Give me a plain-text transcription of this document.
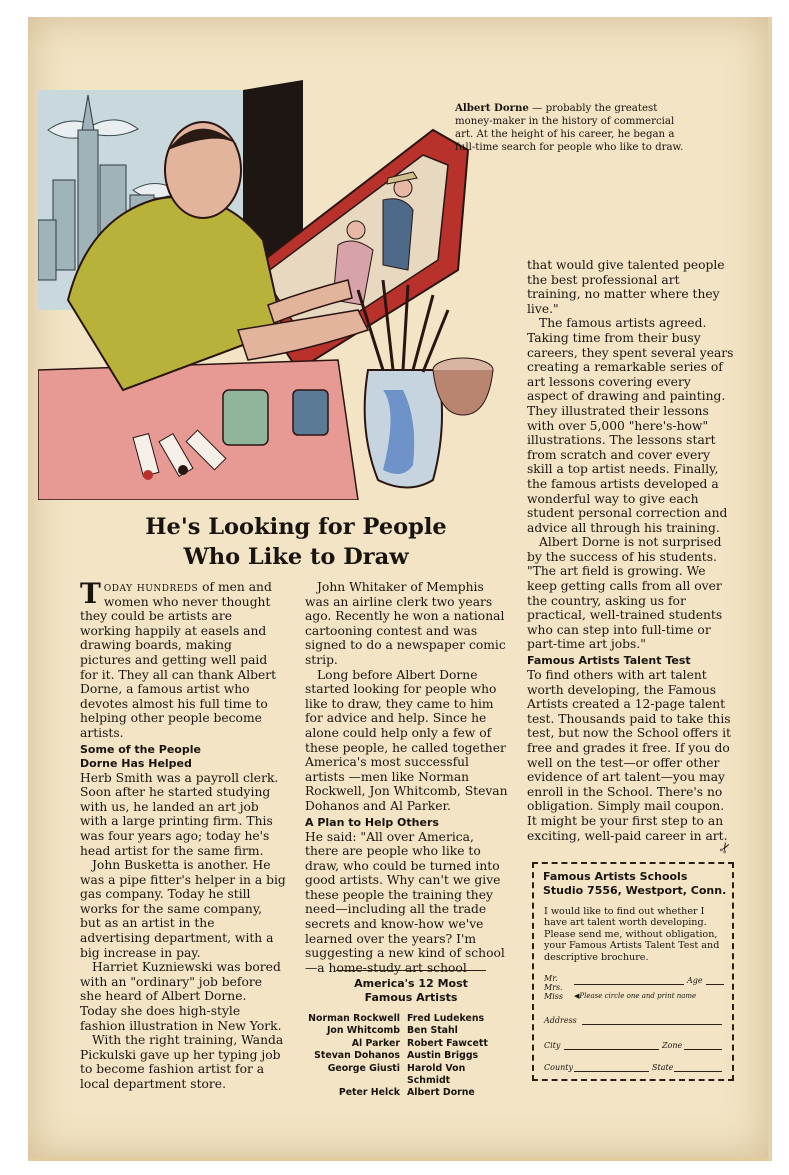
Albert Dorne — probably the greatest money-maker in the history of commercial art. At the height of his career, he began a full-time search for people who like to draw.
He's Looking for People
Who Like to Draw

Today hundreds of men and women who never thought they could be artists are working happily at easels and drawing boards, making pictures and getting well paid for it. They all can thank Albert Dorne, a famous artist who devotes almost his full time to helping other people become artists.

Some of the People
Dorne Has Helped

Herb Smith was a payroll clerk. Soon after he started studying with us, he landed an art job with a large printing firm. This was four years ago; today he's head artist for the same firm.

John Busketta is another. He was a pipe fitter's helper in a big gas company. Today he still works for the same company, but as an artist in the advertising department, with a big increase in pay.

Harriet Kuzniewski was bored with an "ordinary" job before she heard of Albert Dorne. Today she does high-style fashion illustration in New York.

With the right training, Wanda Pickulski gave up her typing job to become fashion artist for a local department store.

John Whitaker of Memphis was an airline clerk two years ago. Recently he won a national cartooning contest and was signed to do a newspaper comic strip.

Long before Albert Dorne started looking for people who like to draw, they came to him for advice and help. Since he alone could help only a few of these people, he called together America's most successful artists —men like Norman Rockwell, Jon Whitcomb, Stevan Dohanos and Al Parker.

A Plan to Help Others

He said: "All over America, there are people who like to draw, who could be turned into good artists. Why can't we give these people the training they need—including all the trade secrets and know-how we've learned over the years? I'm suggesting a new kind of school—a home-study art school

that would give talented people the best professional art training, no matter where they live."

The famous artists agreed. Taking time from their busy careers, they spent several years creating a remarkable series of art lessons covering every aspect of drawing and painting. They illustrated their lessons with over 5,000 "here's-how" illustrations. The lessons start from scratch and cover every skill a top artist needs. Finally, the famous artists developed a wonderful way to give each student personal correction and advice all through his training.

Albert Dorne is not surprised by the success of his students. "The art field is growing. We keep getting calls from all over the country, asking us for practical, well-trained students who can step into full-time or part-time art jobs."

Famous Artists Talent Test

To find others with art talent worth developing, the Famous Artists created a 12-page talent test. Thousands paid to take this test, but now the School offers it free and grades it free. If you do well on the test—or offer other evidence of art talent—you may enroll in the School. There's no obligation. Simply mail coupon. It might be your first step to an exciting, well-paid career in art.

America's 12 Most
Famous Artists
Norman Rockwell Fred Ludekens
Jon Whitcomb Ben Stahl
Al Parker Robert Fawcett
Stevan Dohanos Austin Briggs
George Giusti Harold Von Schmidt
Peter Helck Albert Dorne
✂
Famous Artists Schools
Studio 7556, Westport, Conn.
I would like to find out whether I have art talent worth developing. Please send me, without obligation, your Famous Artists Talent Test and descriptive brochure.
Mr.
Mrs.
Miss
Age
◀Please circle one and print name
Address
City	Zone
County	State
